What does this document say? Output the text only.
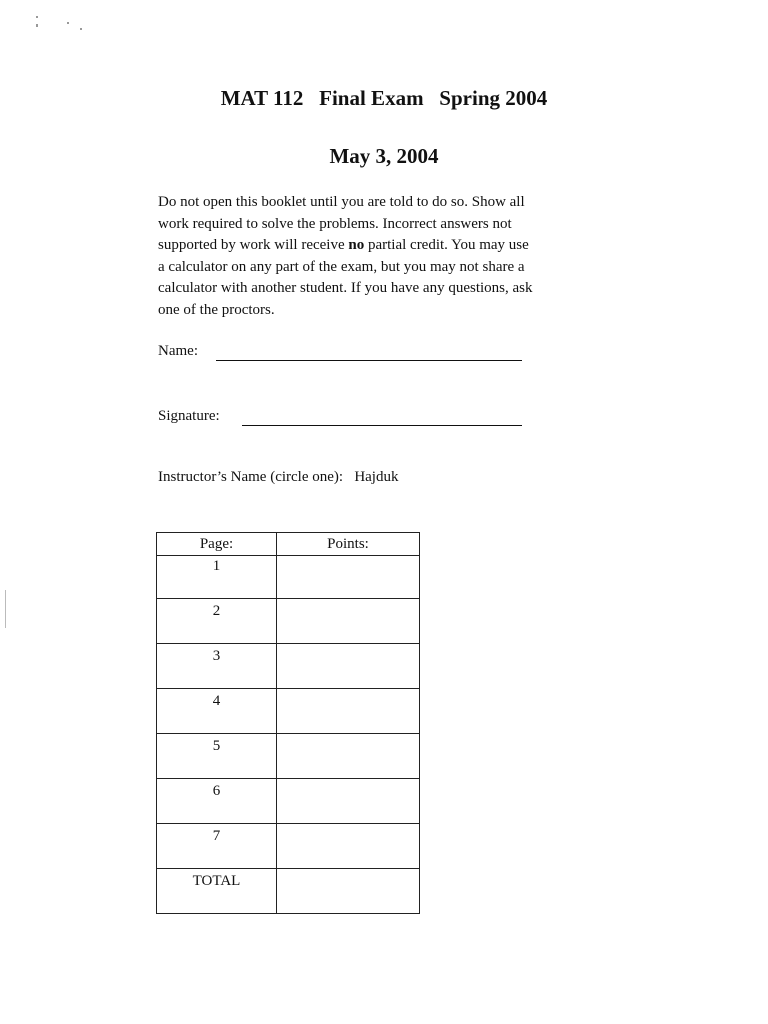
MAT 112   Final Exam   Spring 2004
May 3, 2004
Do not open this booklet until you are told to do so. Show all
work required to solve the problems. Incorrect answers not
supported by work will receive no partial credit. You may use
a calculator on any part of the exam, but you may not share a
calculator with another student. If you have any questions, ask
one of the proctors.
Name:
Signature:
Instructor’s Name (circle one): Hajduk
Page:	Points:
1	
2	
3	
4	
5	
6	
7	
TOTAL	
